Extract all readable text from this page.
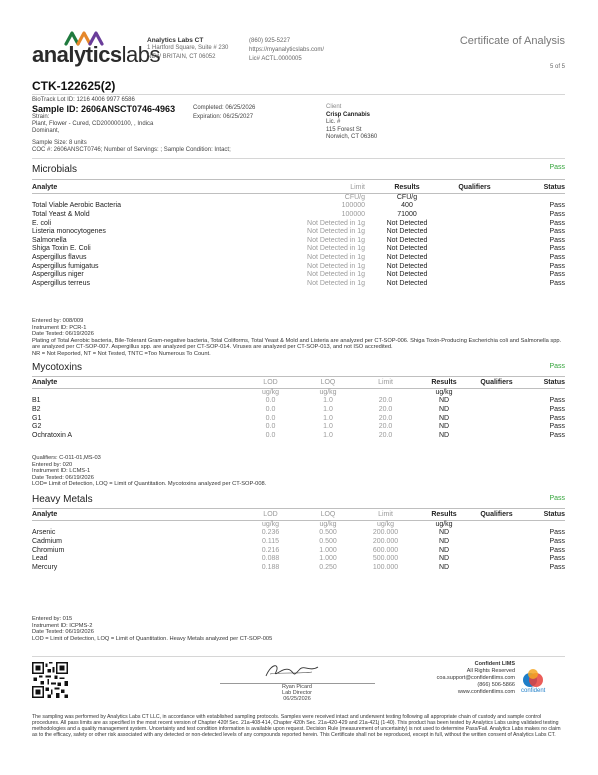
analyticslabs
Analytics Labs CT
1 Hartford Square, Suite # 230
NEW BRITAIN, CT 06052
(860) 925-5227
https://myanalyticslabs.com/
Lic# ACTL.0000005
Certificate of Analysis
5 of 5
CTK-122625(2)
BioTrack Lot ID: 1216 4006 9977 6586
Sample ID: 2606ANSCT0746-4963	Completed: 06/25/2026
Expiration: 06/25/2027
Strain:
Plant, Flower - Cured, CD200000100, , Indica
Dominant,
Client
Crisp Cannabis
Lic. #
115 Forest St
Norwich, CT 06360
Sample Size: 8 units
COC #: 2606ANSCT0746; Number of Servings: ; Sample Condition: Intact;
Microbials	Pass
Analyte	Limit	Results	Qualifiers	Status
	CFU/g	CFU/g		
Total Viable Aerobic Bacteria	100000	400		Pass
Total Yeast & Mold	100000	71000		Pass
E. coli	Not Detected in 1g	Not Detected		Pass
Listeria monocytogenes	Not Detected in 1g	Not Detected		Pass
Salmonella	Not Detected in 1g	Not Detected		Pass
Shiga Toxin E. Coli	Not Detected in 1g	Not Detected		Pass
Aspergillus flavus	Not Detected in 1g	Not Detected		Pass
Aspergillus fumigatus	Not Detected in 1g	Not Detected		Pass
Aspergillus niger	Not Detected in 1g	Not Detected		Pass
Aspergillus terreus	Not Detected in 1g	Not Detected		Pass
Entered by: 008/009
Instrument ID: PCR-1
Date Tested: 06/19/2026
Plating of Total Aerobic bacteria, Bile-Tolerant Gram-negative bacteria, Total Coliforms, Total Yeast & Mold and Listeria are analyzed per CT-SOP-006. Shiga Toxin-Producing Escherichia coli and Salmonella spp. are analyzed per CT-SOP-007. Aspergillus spp. are analyzed per CT-SOP-014. Viruses are analyzed per CT-SOP-013, and not ISO accredited.
NR = Not Reported, NT = Not Tested, TNTC =Too Numerous To Count.
Mycotoxins	Pass
Analyte	LOD	LOQ	Limit	Results	Qualifiers	Status
	ug/kg	ug/kg		ug/kg		
B1	0.0	1.0	20.0	ND		Pass
B2	0.0	1.0	20.0	ND		Pass
G1	0.0	1.0	20.0	ND		Pass
G2	0.0	1.0	20.0	ND		Pass
Ochratoxin A	0.0	1.0	20.0	ND		Pass
Qualifiers: C-011-01,MS-03
Entered by: 020
Instrument ID: LCMS-1
Date Tested: 06/19/2026
LOD= Limit of Detection, LOQ = Limit of Quantitation. Mycotoxins analyzed per CT-SOP-008.
Heavy Metals	Pass
Analyte	LOD	LOQ	Limit	Results	Qualifiers	Status
	ug/kg	ug/kg	ug/kg	ug/kg		
Arsenic	0.236	0.500	200.000	ND		Pass
Cadmium	0.115	0.500	200.000	ND		Pass
Chromium	0.216	1.000	600.000	ND		Pass
Lead	0.088	1.000	500.000	ND		Pass
Mercury	0.188	0.250	100.000	ND		Pass
Entered by: 015
Instrument ID: ICPMS-2
Date Tested: 06/19/2026
LOD = Limit of Detection, LOQ = Limit of Quantitation. Heavy Metals analyzed per CT-SOP-005
Ryan Picard
Lab Director
06/25/2026
Confident LIMS
All Rights Reserved
coa.support@confidentlims.com
(866) 506-5866
www.confidentlims.com confident
The sampling was performed by Analytics Labs CT LLC, in accordance with established sampling protocols. Samples were received intact and underwent testing following all appropriate chain of custody and sample control procedures. All pass limits are as specified in the most recent version of Chapter 420f Sec. 21a-408-414, Chapter 420h Sec. 21a-420-429 and 21a-421j (1-40). This product has been tested by Analytics Labs using validated testing methodologies and a quality management system. Uncertainty and test condition information is available upon request. Decision Rule (measurement of uncertainty) is not used to determine Pass/Fail. Analytics Labs makes no claim as to the efficacy, safety or other risk associated with any detected or non-detected levels of any compounds reported herein. This Certificate shall not be reproduced, except in full, without the written consent of Analytics Labs CT.
